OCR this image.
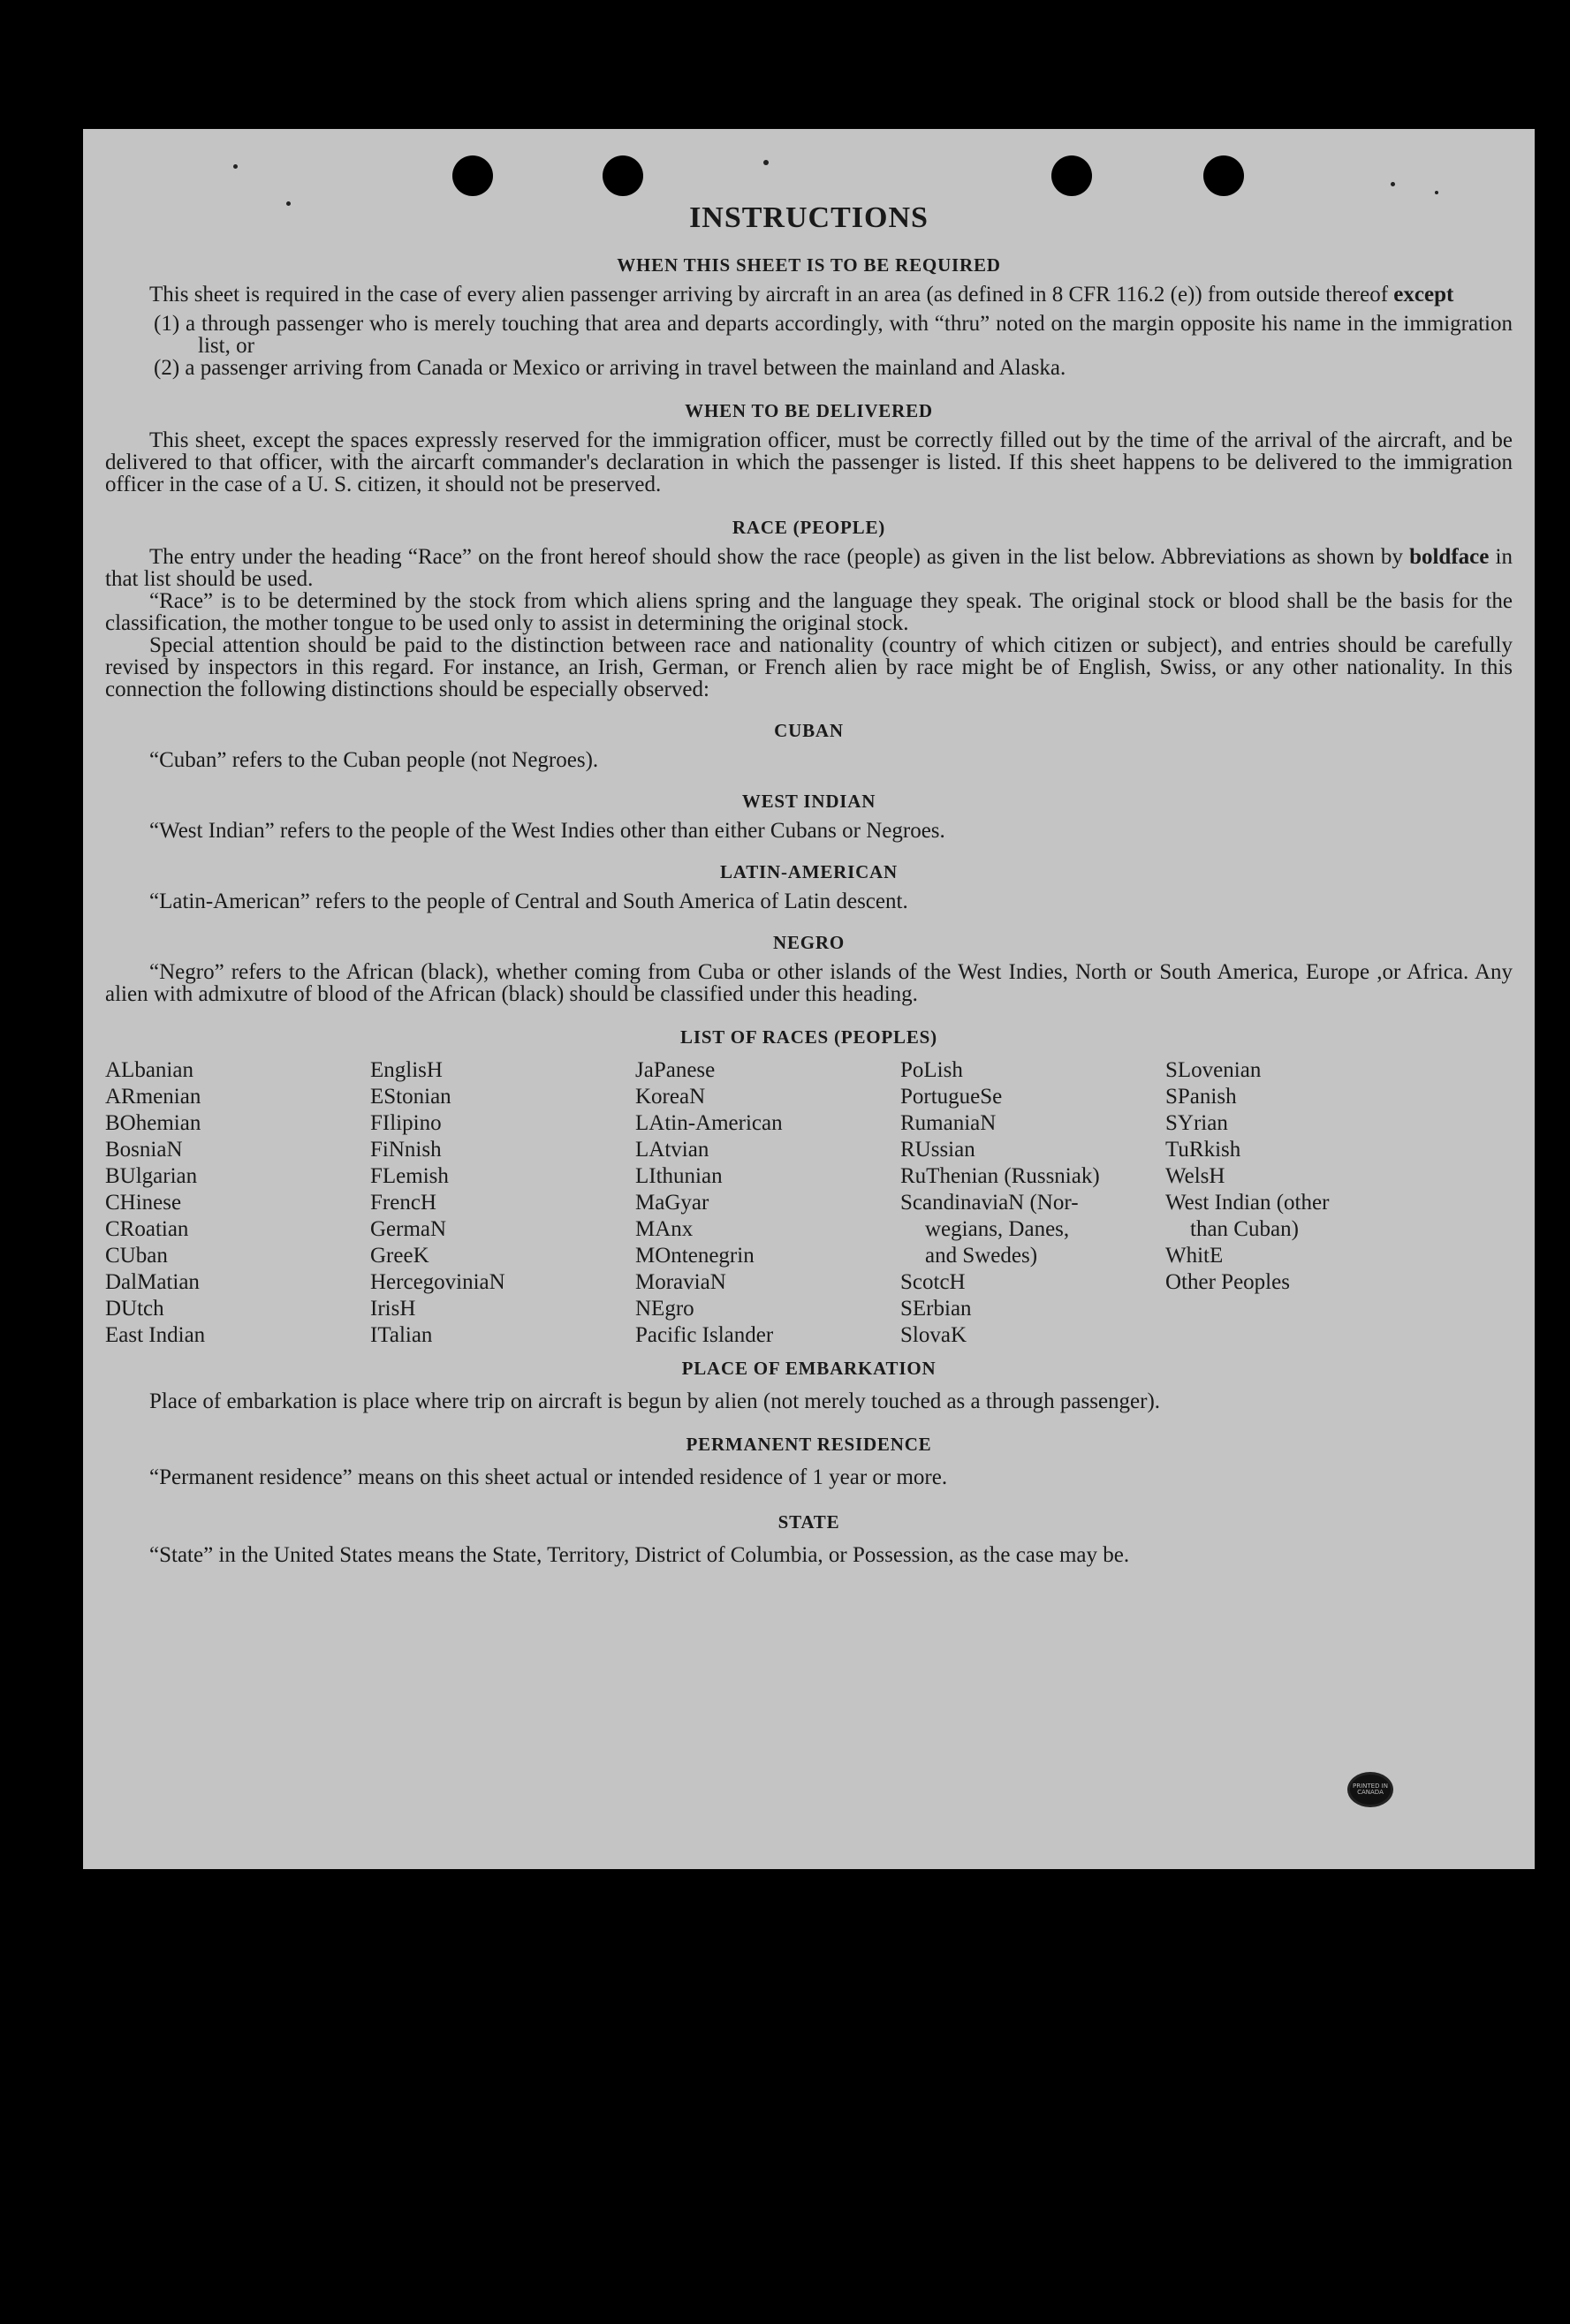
INSTRUCTIONS
WHEN THIS SHEET IS TO BE REQUIRED

This sheet is required in the case of every alien passenger arriving by aircraft in an area (as defined in 8 CFR 116.2 (e)) from outside thereof except

(1) a through passenger who is merely touching that area and departs accordingly, with “thru” noted on the margin opposite his name in the immigration list, or

(2) a passenger arriving from Canada or Mexico or arriving in travel between the mainland and Alaska.

WHEN TO BE DELIVERED

This sheet, except the spaces expressly reserved for the immigration officer, must be correctly filled out by the time of the arrival of the aircraft, and be delivered to that officer, with the aircarft commander's declaration in which the passenger is listed. If this sheet happens to be delivered to the immigration officer in the case of a U. S. citizen, it should not be preserved.

RACE (PEOPLE)

The entry under the heading “Race” on the front hereof should show the race (people) as given in the list below. Abbreviations as shown by boldface in that list should be used.

“Race” is to be determined by the stock from which aliens spring and the language they speak. The original stock or blood shall be the basis for the classification, the mother tongue to be used only to assist in determining the original stock.

Special attention should be paid to the distinction between race and nationality (country of which citizen or subject), and entries should be carefully revised by inspectors in this regard. For instance, an Irish, German, or French alien by race might be of English, Swiss, or any other nationality. In this connection the following distinctions should be especially observed:

CUBAN

“Cuban” refers to the Cuban people (not Negroes).

WEST INDIAN

“West Indian” refers to the people of the West Indies other than either Cubans or Negroes.

LATIN-AMERICAN

“Latin-American” refers to the people of Central and South America of Latin descent.

NEGRO

“Negro” refers to the African (black), whether coming from Cuba or other islands of the West Indies, North or South America, Europe ,or Africa. Any alien with admixutre of blood of the African (black) should be classified under this heading.

LIST OF RACES (PEOPLES)
ALbanian
ARmenian
BOhemian
BosniaN
BUlgarian
CHinese
CRoatian
CUban
DalMatian
DUtch
East Indian
EnglisH
EStonian
FIlipino
FiNnish
FLemish
FrencH
GermaN
GreeK
HercegoviniaN
IrisH
ITalian
JaPanese
KoreaN
LAtin-American
LAtvian
LIthunian
MaGyar
MAnx
MOntenegrin
MoraviaN
NEgro
Pacific Islander
PoLish
PortugueSe
RumaniaN
RUssian
RuThenian (Russniak)
ScandinaviaN (Nor-
wegians, Danes,
and Swedes)
ScotcH
SErbian
SlovaK
SLovenian
SPanish
SYrian
TuRkish
WelsH
West Indian (other
than Cuban)
WhitE
Other Peoples
PLACE OF EMBARKATION

Place of embarkation is place where trip on aircraft is begun by alien (not merely touched as a through passenger).

PERMANENT RESIDENCE

“Permanent residence” means on this sheet actual or intended residence of 1 year or more.

STATE

“State” in the United States means the State, Territory, District of Columbia, or Possession, as the case may be.

PRINTED IN CANADA
